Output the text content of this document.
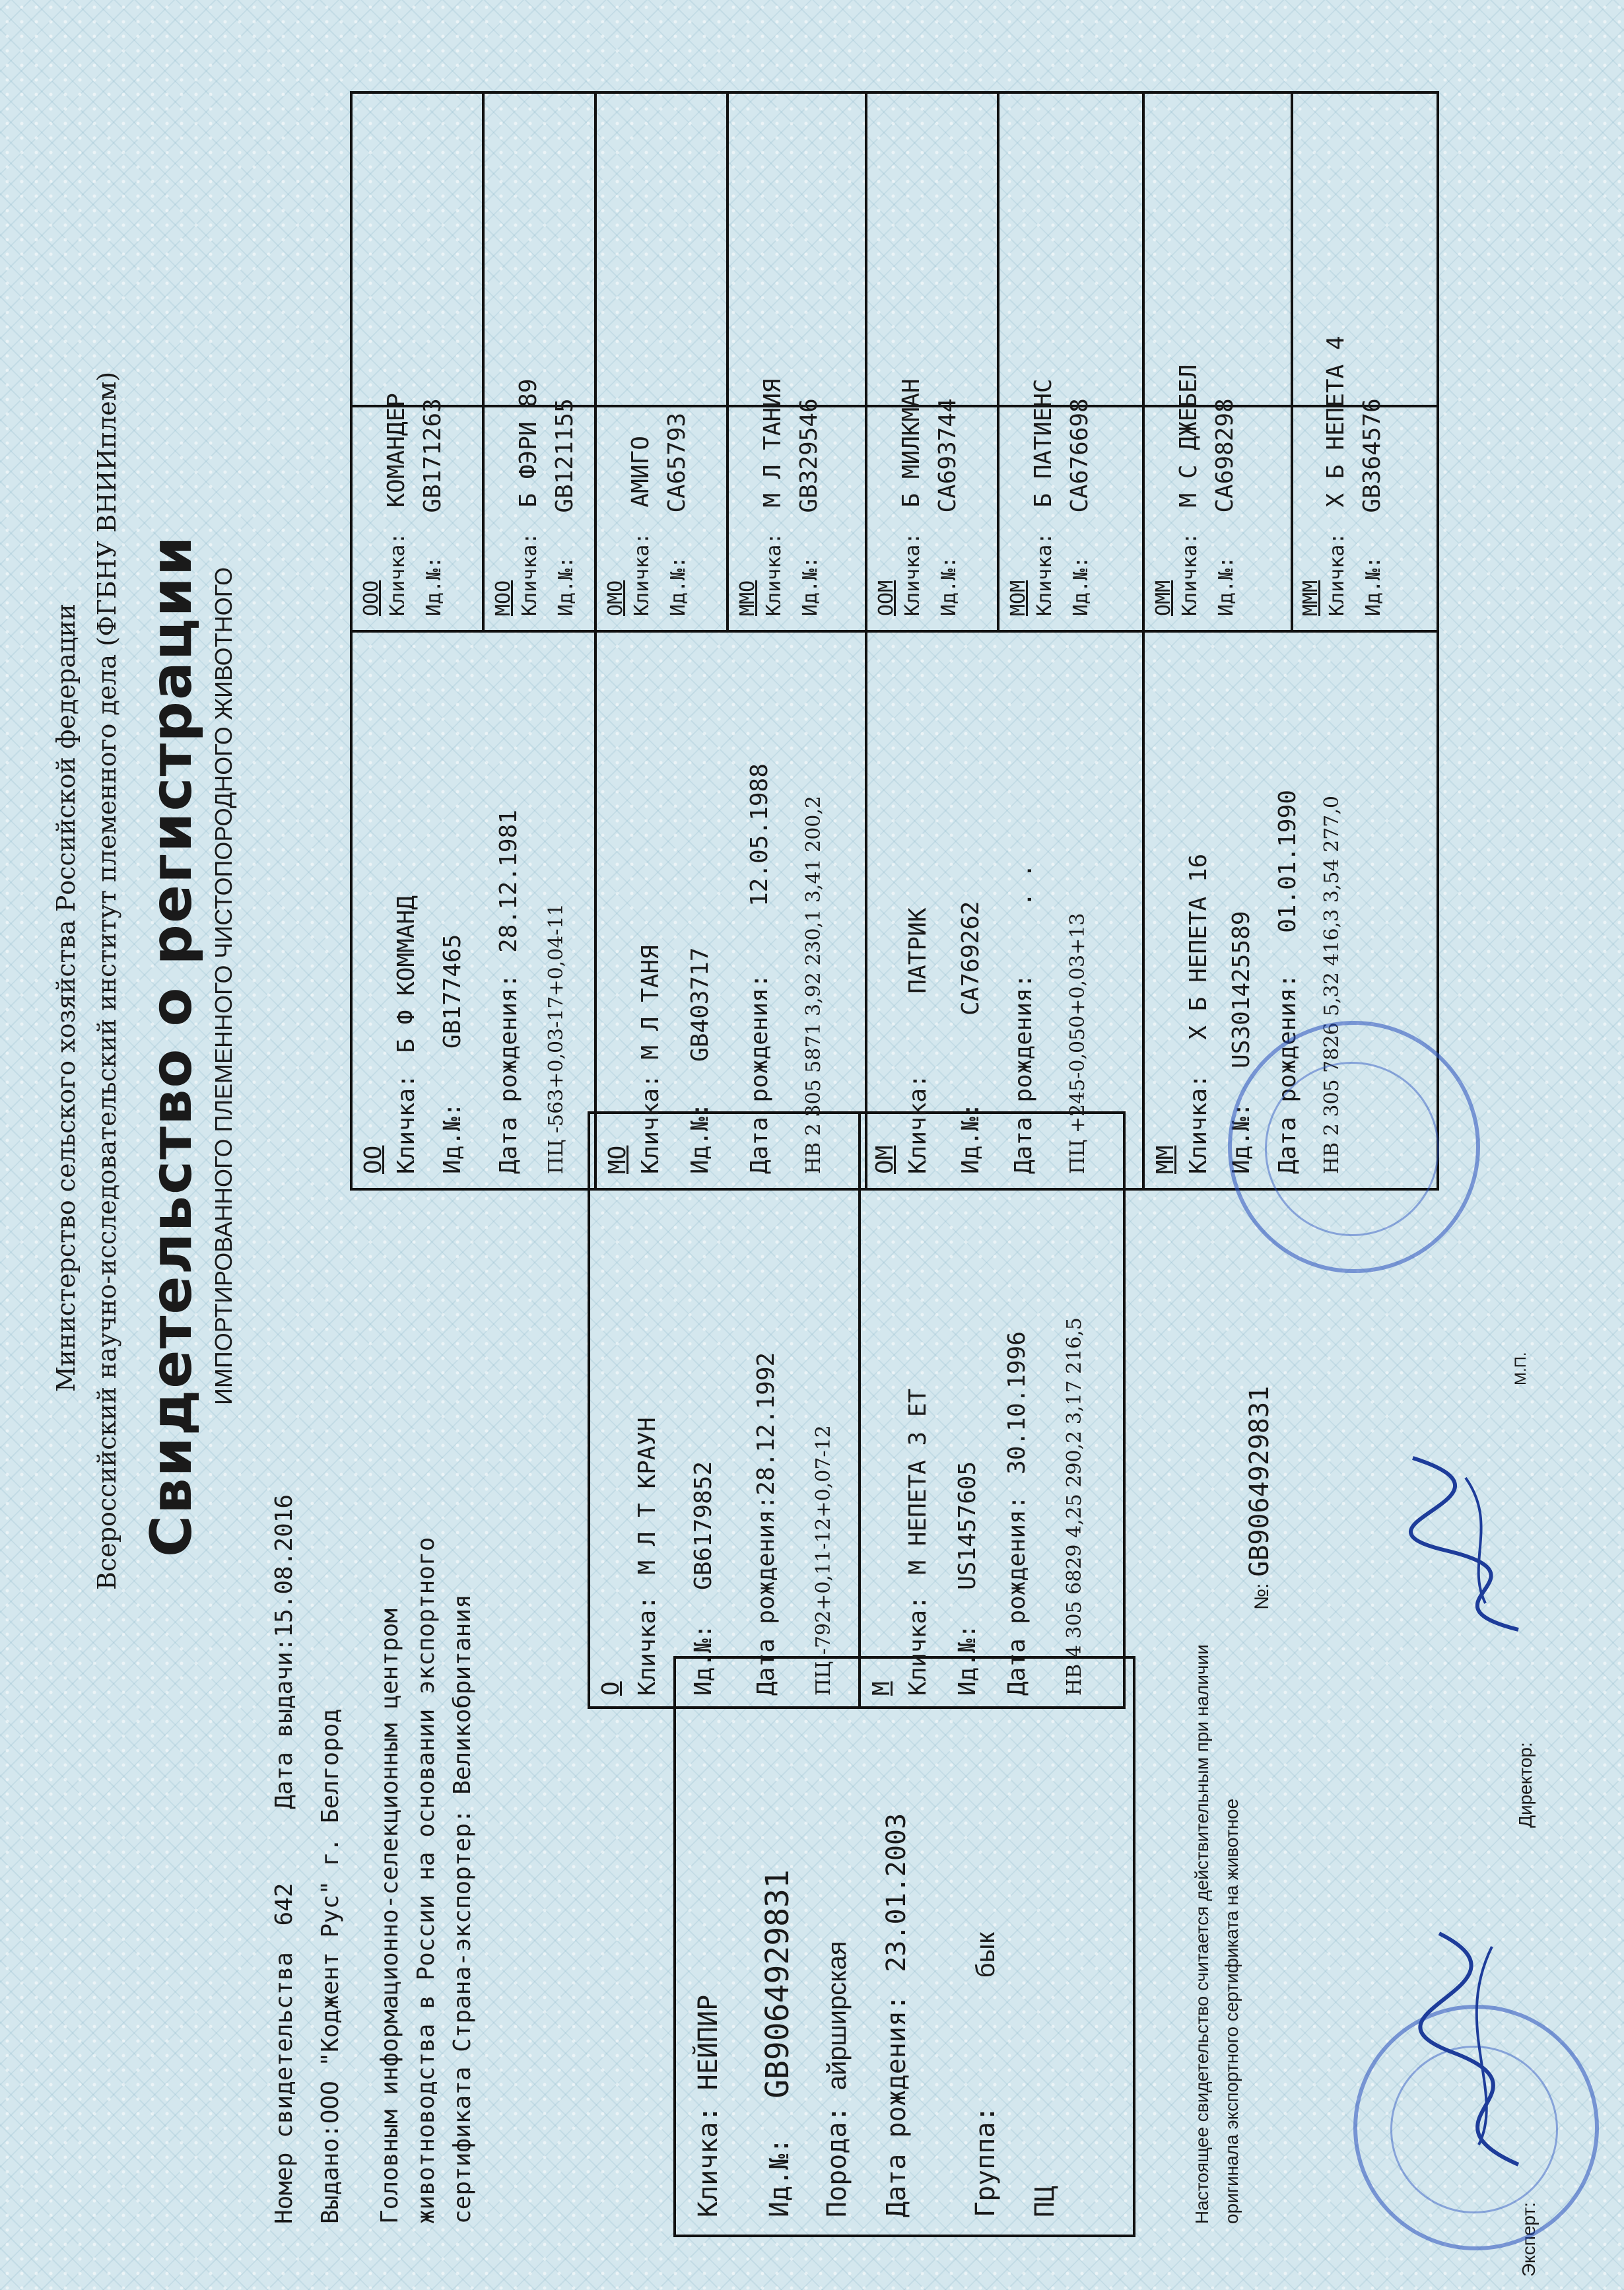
Министерство сельского хозяйства Российской федерации Всероссийский научно-исследовательский институт племенного дела (ФГБНУ ВНИИплем) Свидетельство о регистрации ИМПОРТИРОВАННОГО ПЛЕМЕННОГО ЧИСТОПОРОДНОГО ЖИВОТНОГО
Номер свидетельства 642 Дата выдачи:15.08.2016
Выдано:ООО "Коджент Рус" г. Белгород Головным информационно-селекционным центром животноводства в России на основании экспортного сертификата Страна-экспортер: Великобритания	Кличка: НЕЙПИР
Ид.№: GB9064929831
Порода: айрширская Дата рождения: 23.01.2003
Группа: бык
ПЦ
О Кличка: М Л Т КРАУН
Ид.№: GB6179852 Дата рождения:28.12.1992
ПЦ -792+0,11-12+0,07-12 М Кличка: М НЕПЕТА 3 ЕТ
Ид.№: US1457605 Дата рождения: 30.10.1996 НВ 4 305 6829 4,25 290,2 3,17 216,5
ОО Кличка: Б Ф КОММАНД
Ид.№: GB177465 Дата рождения: 28.12.1981
ПЦ -563+0,03-17+0,04-11 МО Кличка: М Л ТАНЯ
Ид.№: GB403717 Дата рождения: 12.05.1988 НВ 2 305 5871 3,92 230,1 3,41 200,2 ОМ Кличка: ПАТРИК
Ид.№: CA769262
Дата рождения: . .
ПЦ +245-0,050+0,03+13	ММ Кличка: Х Б НЕПЕТА 16
Ид.№: US301425589 Дата рождения: 01.01.1990 НВ 2 305 7826 5,32 416,3 3,54 277,0
ООО Кличка: КОМАНДЕР
Ид.№: GB171263
МОО Кличка: Б ФЭРИ 89
Ид.№: GB121155
ОМО Кличка: АМИГО
Ид.№: CA65793
ММО Кличка: М Л ТАНИЯ
Ид.№: GB329546
ООМ Кличка: Б МИЛКМАН
Ид.№: CA693744
МОМ Кличка: Б ПАТИЕНС
Ид.№: CA676698
ОММ Кличка: М С ДЖЕБЕЛ
Ид.№: CA698298
МММ Кличка: Х Б НЕПЕТА 4
Ид.№: GB364576
Настоящее свидетельство считается действительным при наличии оригинала экспортного сертификата на животное
№: GB9064929831
М.П.
Директор:
Эксперт:
